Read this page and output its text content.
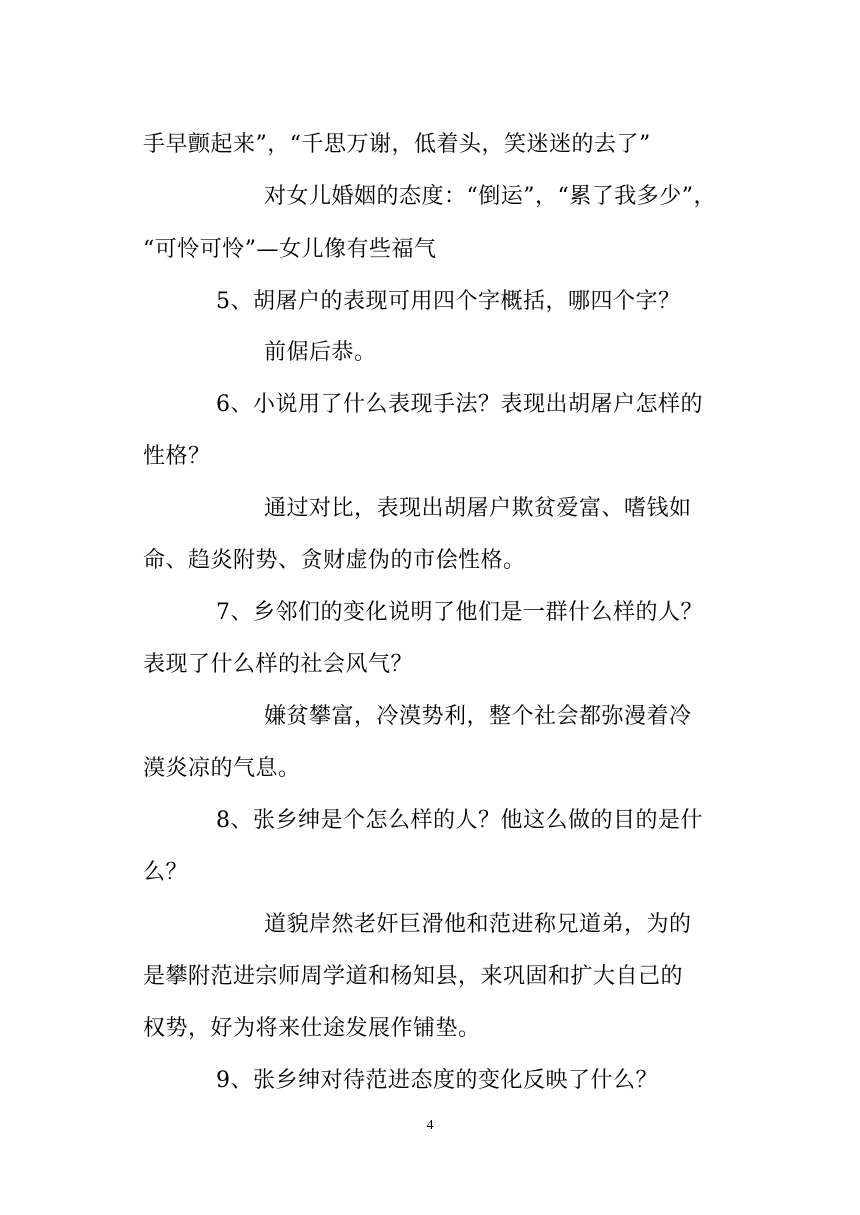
手早颤起来”，“千思万谢，低着头，笑迷迷的去了”
对女儿婚姻的态度：“倒运”，“累了我多少”，
“可怜可怜”—女儿像有些福气
5、胡屠户的表现可用四个字概括，哪四个字？
前倨后恭。
6、小说用了什么表现手法？表现出胡屠户怎样的
性格？
通过对比，表现出胡屠户欺贫爱富、嗜钱如
命、趋炎附势、贪财虚伪的市侩性格。
7、乡邻们的变化说明了他们是一群什么样的人？
表现了什么样的社会风气？
嫌贫攀富，冷漠势利，整个社会都弥漫着冷
漠炎凉的气息。
8、张乡绅是个怎么样的人？他这么做的目的是什
么？
道貌岸然老奸巨滑他和范进称兄道弟，为的
是攀附范进宗师周学道和杨知县，来巩固和扩大自己的
权势，好为将来仕途发展作铺垫。
9、张乡绅对待范进态度的变化反映了什么？
4
